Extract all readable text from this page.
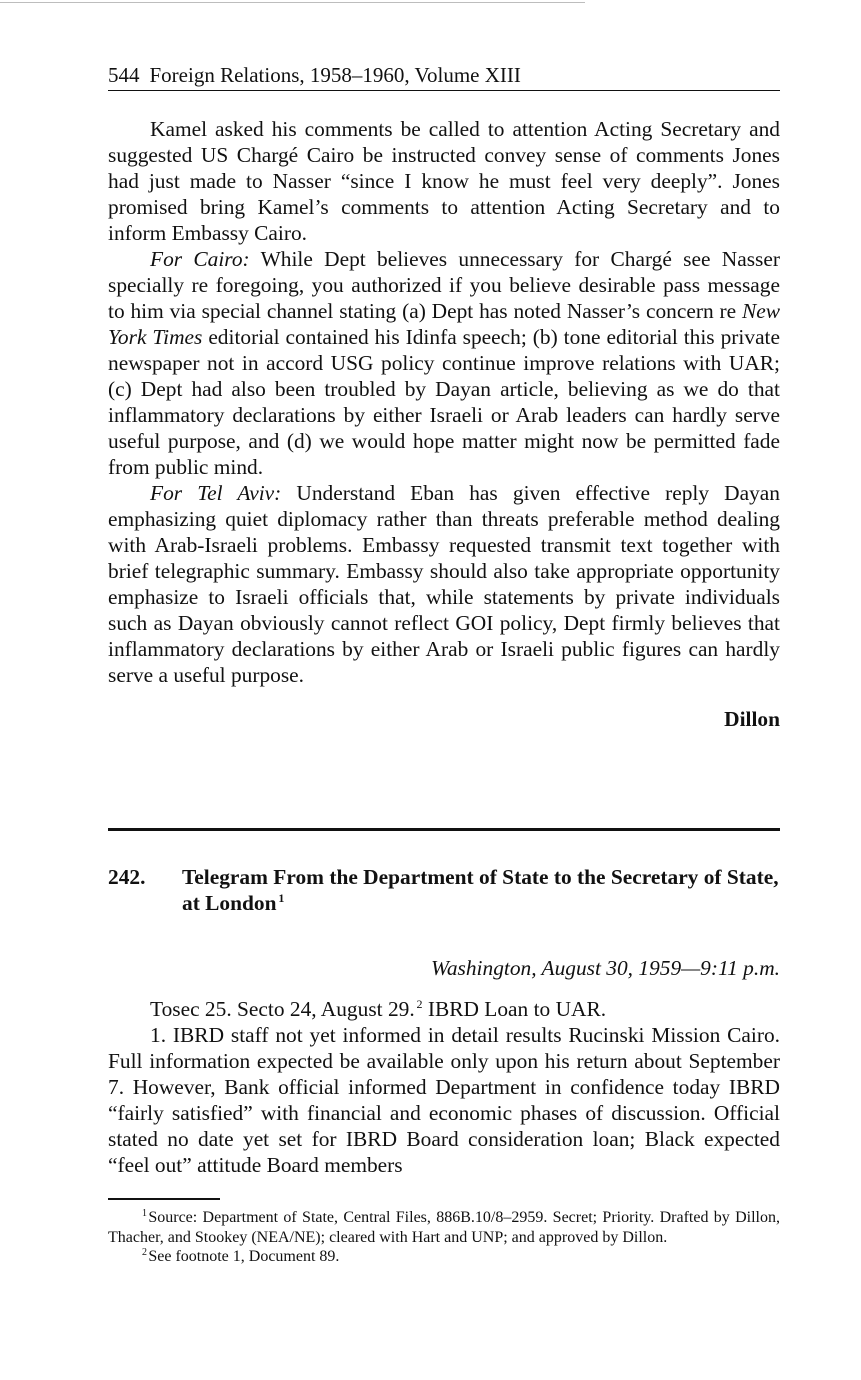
544 Foreign Relations, 1958–1960, Volume XIII

Kamel asked his comments be called to attention Acting Secretary and suggested US Chargé Cairo be instructed convey sense of comments Jones had just made to Nasser “since I know he must feel very deeply”. Jones promised bring Kamel’s comments to attention Acting Secretary and to inform Embassy Cairo.

For Cairo: While Dept believes unnecessary for Chargé see Nasser specially re foregoing, you authorized if you believe desirable pass message to him via special channel stating (a) Dept has noted Nasser’s concern re New York Times editorial contained his Idinfa speech; (b) tone editorial this private newspaper not in accord USG policy continue improve relations with UAR; (c) Dept had also been troubled by Dayan article, believing as we do that inflammatory declarations by either Israeli or Arab leaders can hardly serve useful purpose, and (d) we would hope matter might now be permitted fade from public mind.

For Tel Aviv: Understand Eban has given effective reply Dayan emphasizing quiet diplomacy rather than threats preferable method dealing with Arab-Israeli problems. Embassy requested transmit text together with brief telegraphic summary. Embassy should also take appropriate opportunity emphasize to Israeli officials that, while statements by private individuals such as Dayan obviously cannot reflect GOI policy, Dept firmly believes that inflammatory declarations by either Arab or Israeli public figures can hardly serve a useful purpose.

Dillon
242. Telegram From the Department of State to the Secretary of State, at London  $^1$
Washington, August 30, 1959—9:11 p.m.

Tosec 25. Secto 24, August 29.  $^2$ IBRD Loan to UAR.

1. IBRD staff not yet informed in detail results Rucinski Mission Cairo. Full information expected be available only upon his return about September 7. However, Bank official informed Department in confidence today IBRD “fairly satisfied” with financial and economic phases of discussion. Official stated no date yet set for IBRD Board consideration loan; Black expected “feel out” attitude Board members

$^1$ Source: Department of State, Central Files, 886B.10/8–2959. Secret; Priority. Drafted by Dillon, Thacher, and Stookey (NEA/NE); cleared with Hart and UNP; and approved by Dillon.

$^2$ See footnote 1, Document 89.
